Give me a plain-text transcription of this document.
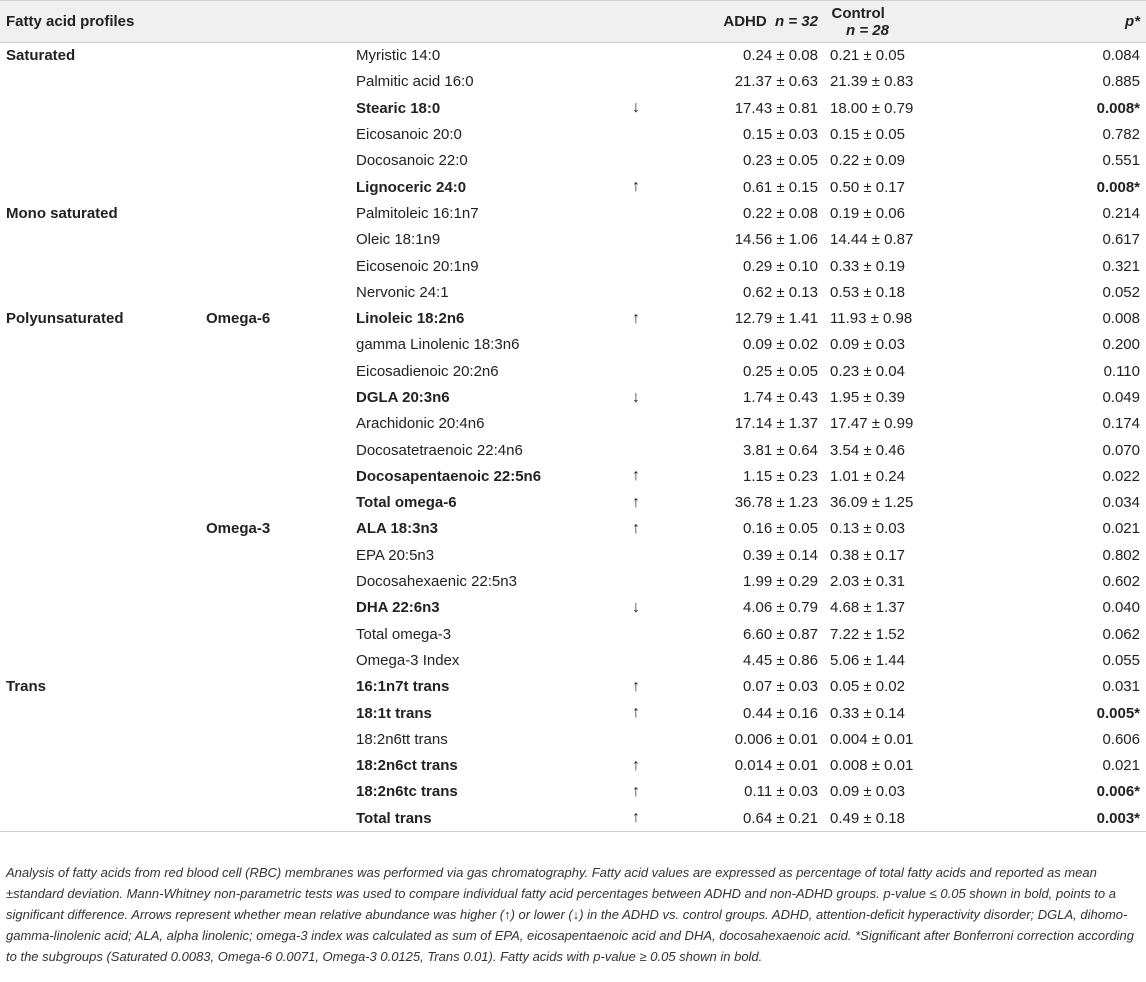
Fatty acid profiles				ADHD n = 32	Control  n = 28	p*
Saturated		Myristic 14:0		0.24 ± 0.08	0.21 ± 0.05	0.084
		Palmitic acid 16:0		21.37 ± 0.63	21.39 ± 0.83	0.885
		Stearic 18:0	↓	17.43 ± 0.81	18.00 ± 0.79	0.008*
		Eicosanoic 20:0		0.15 ± 0.03	0.15 ± 0.05	0.782
		Docosanoic 22:0		0.23 ± 0.05	0.22 ± 0.09	0.551
		Lignoceric 24:0	↑	0.61 ± 0.15	0.50 ± 0.17	0.008*
Mono saturated		Palmitoleic 16:1n7		0.22 ± 0.08	0.19 ± 0.06	0.214
		Oleic 18:1n9		14.56 ± 1.06	14.44 ± 0.87	0.617
		Eicosenoic 20:1n9		0.29 ± 0.10	0.33 ± 0.19	0.321
		Nervonic 24:1		0.62 ± 0.13	0.53 ± 0.18	0.052
Polyunsaturated	Omega-6	Linoleic 18:2n6	↑	12.79 ± 1.41	11.93 ± 0.98	0.008
		gamma Linolenic 18:3n6		0.09 ± 0.02	0.09 ± 0.03	0.200
		Eicosadienoic 20:2n6		0.25 ± 0.05	0.23 ± 0.04	0.110
		DGLA 20:3n6	↓	1.74 ± 0.43	1.95 ± 0.39	0.049
		Arachidonic 20:4n6		17.14 ± 1.37	17.47 ± 0.99	0.174
		Docosatetraenoic 22:4n6		3.81 ± 0.64	3.54 ± 0.46	0.070
		Docosapentaenoic 22:5n6	↑	1.15 ± 0.23	1.01 ± 0.24	0.022
		Total omega-6	↑	36.78 ± 1.23	36.09 ± 1.25	0.034
	Omega-3	ALA 18:3n3	↑	0.16 ± 0.05	0.13 ± 0.03	0.021
		EPA 20:5n3		0.39 ± 0.14	0.38 ± 0.17	0.802
		Docosahexaenic 22:5n3		1.99 ± 0.29	2.03 ± 0.31	0.602
		DHA 22:6n3	↓	4.06 ± 0.79	4.68 ± 1.37	0.040
		Total omega-3		6.60 ± 0.87	7.22 ± 1.52	0.062
		Omega-3 Index		4.45 ± 0.86	5.06 ± 1.44	0.055
Trans		16:1n7t trans	↑	0.07 ± 0.03	0.05 ± 0.02	0.031
		18:1t trans	↑	0.44 ± 0.16	0.33 ± 0.14	0.005*
		18:2n6tt trans		0.006 ± 0.01	0.004 ± 0.01	0.606
		18:2n6ct trans	↑	0.014 ± 0.01	0.008 ± 0.01	0.021
		18:2n6tc trans	↑	0.11 ± 0.03	0.09 ± 0.03	0.006*
		Total trans	↑	0.64 ± 0.21	0.49 ± 0.18	0.003*
Analysis of fatty acids from red blood cell (RBC) membranes was performed via gas chromatography. Fatty acid values are expressed as percentage of total fatty acids and reported as mean ±standard deviation. Mann-Whitney non-parametric tests was used to compare individual fatty acid percentages between ADHD and non-ADHD groups. p-value ≤ 0.05 shown in bold, points to a significant difference. Arrows represent whether mean relative abundance was higher (↑) or lower (↓) in the ADHD vs. control groups. ADHD, attention-deficit hyperactivity disorder; DGLA, dihomo-gamma-linolenic acid; ALA, alpha linolenic; omega-3 index was calculated as sum of EPA, eicosapentaenoic acid and DHA, docosahexaenoic acid. *Significant after Bonferroni correction according to the subgroups (Saturated 0.0083, Omega-6 0.0071, Omega-3 0.0125, Trans 0.01). Fatty acids with p-value ≥ 0.05 shown in bold.
